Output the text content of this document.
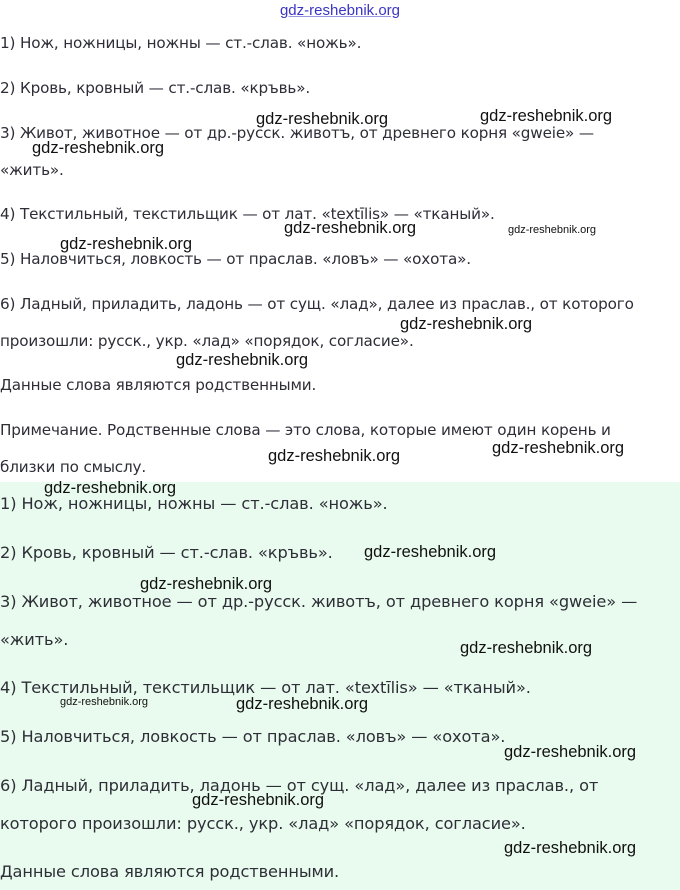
gdz-reshebnik.org

1) Нож, ножницы, ножны — ст.-слав. «ножь».

2) Кровь, кровный — ст.-слав. «кръвь».

3) Живот, животное — от др.-русск. животъ, от древнего корня «gweie» —

«жить».

4) Текстильный, текстильщик — от лат. «textīlis» — «тканый».

5) Наловчиться, ловкость — от праслав. «ловъ» — «охота».

6) Ладный, приладить, ладонь — от сущ. «лад», далее из праслав., от которого

произошли: русск., укр. «лад» «порядок, согласие».

Данные слова являются родственными.

Примечание. Родственные слова — это слова, которые имеют один корень и

близки по смыслу.

1) Нож, ножницы, ножны — ст.-слав. «ножь».

2) Кровь, кровный — ст.-слав. «кръвь».

3) Живот, животное — от др.-русск. животъ, от древнего корня «gweie» —

«жить».

4) Текстильный, текстильщик — от лат. «textīlis» — «тканый».

5) Наловчиться, ловкость — от праслав. «ловъ» — «охота».

6) Ладный, приладить, ладонь — от сущ. «лад», далее из праслав., от

которого произошли: русск., укр. «лад» «порядок, согласие».

Данные слова являются родственными.

gdz-reshebnik.org	gdz-reshebnik.org
gdz-reshebnik.org
gdz-reshebnik.org	gdz-reshebnik.org
gdz-reshebnik.org
gdz-reshebnik.org
gdz-reshebnik.org
gdz-reshebnik.org
gdz-reshebnik.org
gdz-reshebnik.org
gdz-reshebnik.org
gdz-reshebnik.org
gdz-reshebnik.org
gdz-reshebnik.org	gdz-reshebnik.org
gdz-reshebnik.org
gdz-reshebnik.org
gdz-reshebnik.org
